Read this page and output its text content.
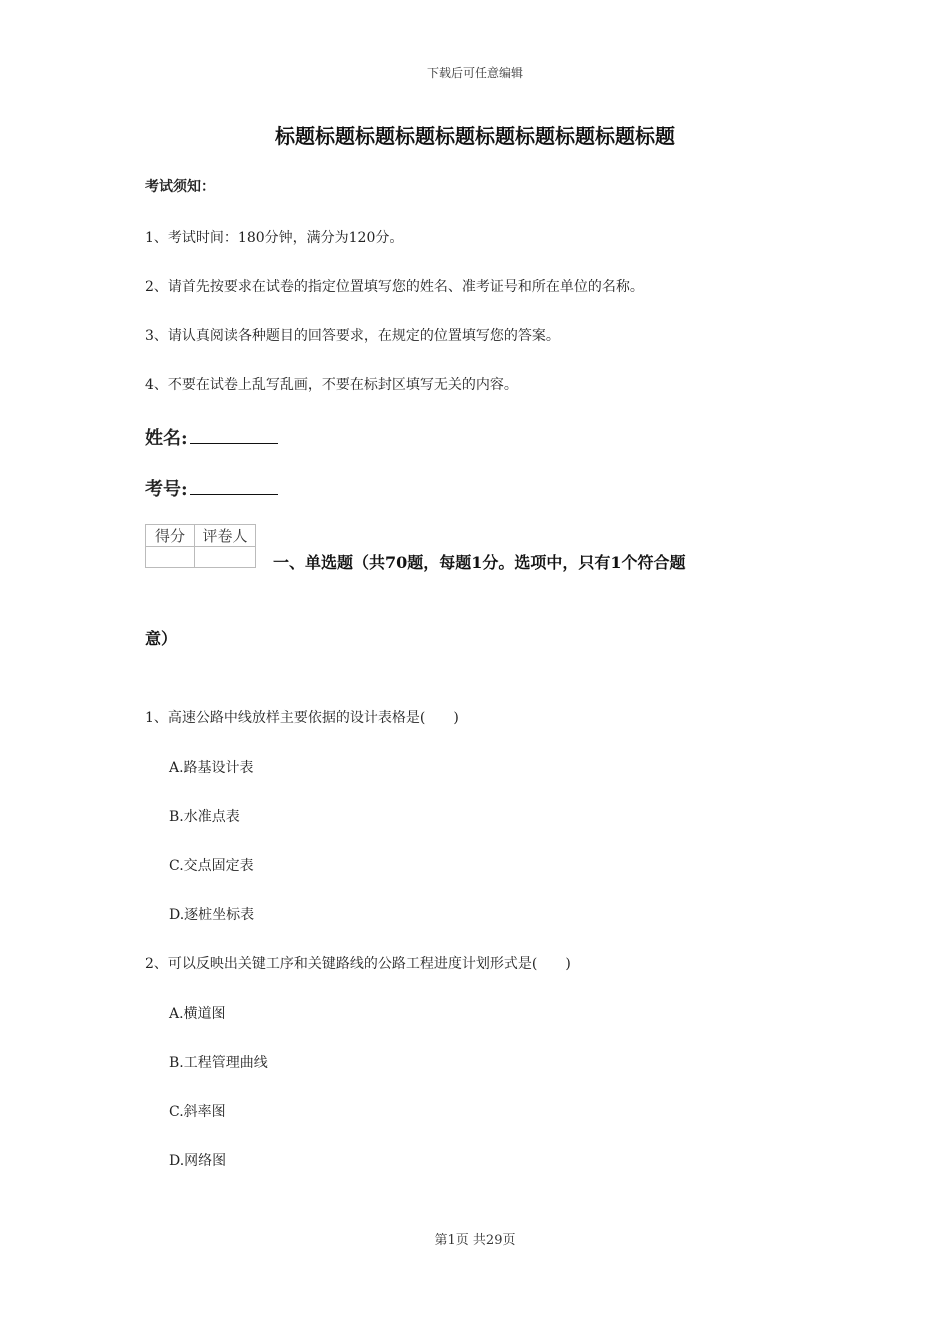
下载后可任意编辑
标题标题标题标题标题标题标题标题标题标题
考试须知：
1、考试时间：180分钟，满分为120分。
2、请首先按要求在试卷的指定位置填写您的姓名、准考证号和所在单位的名称。
3、请认真阅读各种题目的回答要求，在规定的位置填写您的答案。
4、不要在试卷上乱写乱画，不要在标封区填写无关的内容。
姓名:
考号:
得分	评卷人

一、单选题（共70题，每题1分。选项中，只有1个符合题
意）
1、高速公路中线放样主要依据的设计表格是(　　)
A.路基设计表
B.水准点表
C.交点固定表
D.逐桩坐标表
2、可以反映出关键工序和关键路线的公路工程进度计划形式是(　　)
A.横道图
B.工程管理曲线
C.斜率图
D.网络图
第1页 共29页
